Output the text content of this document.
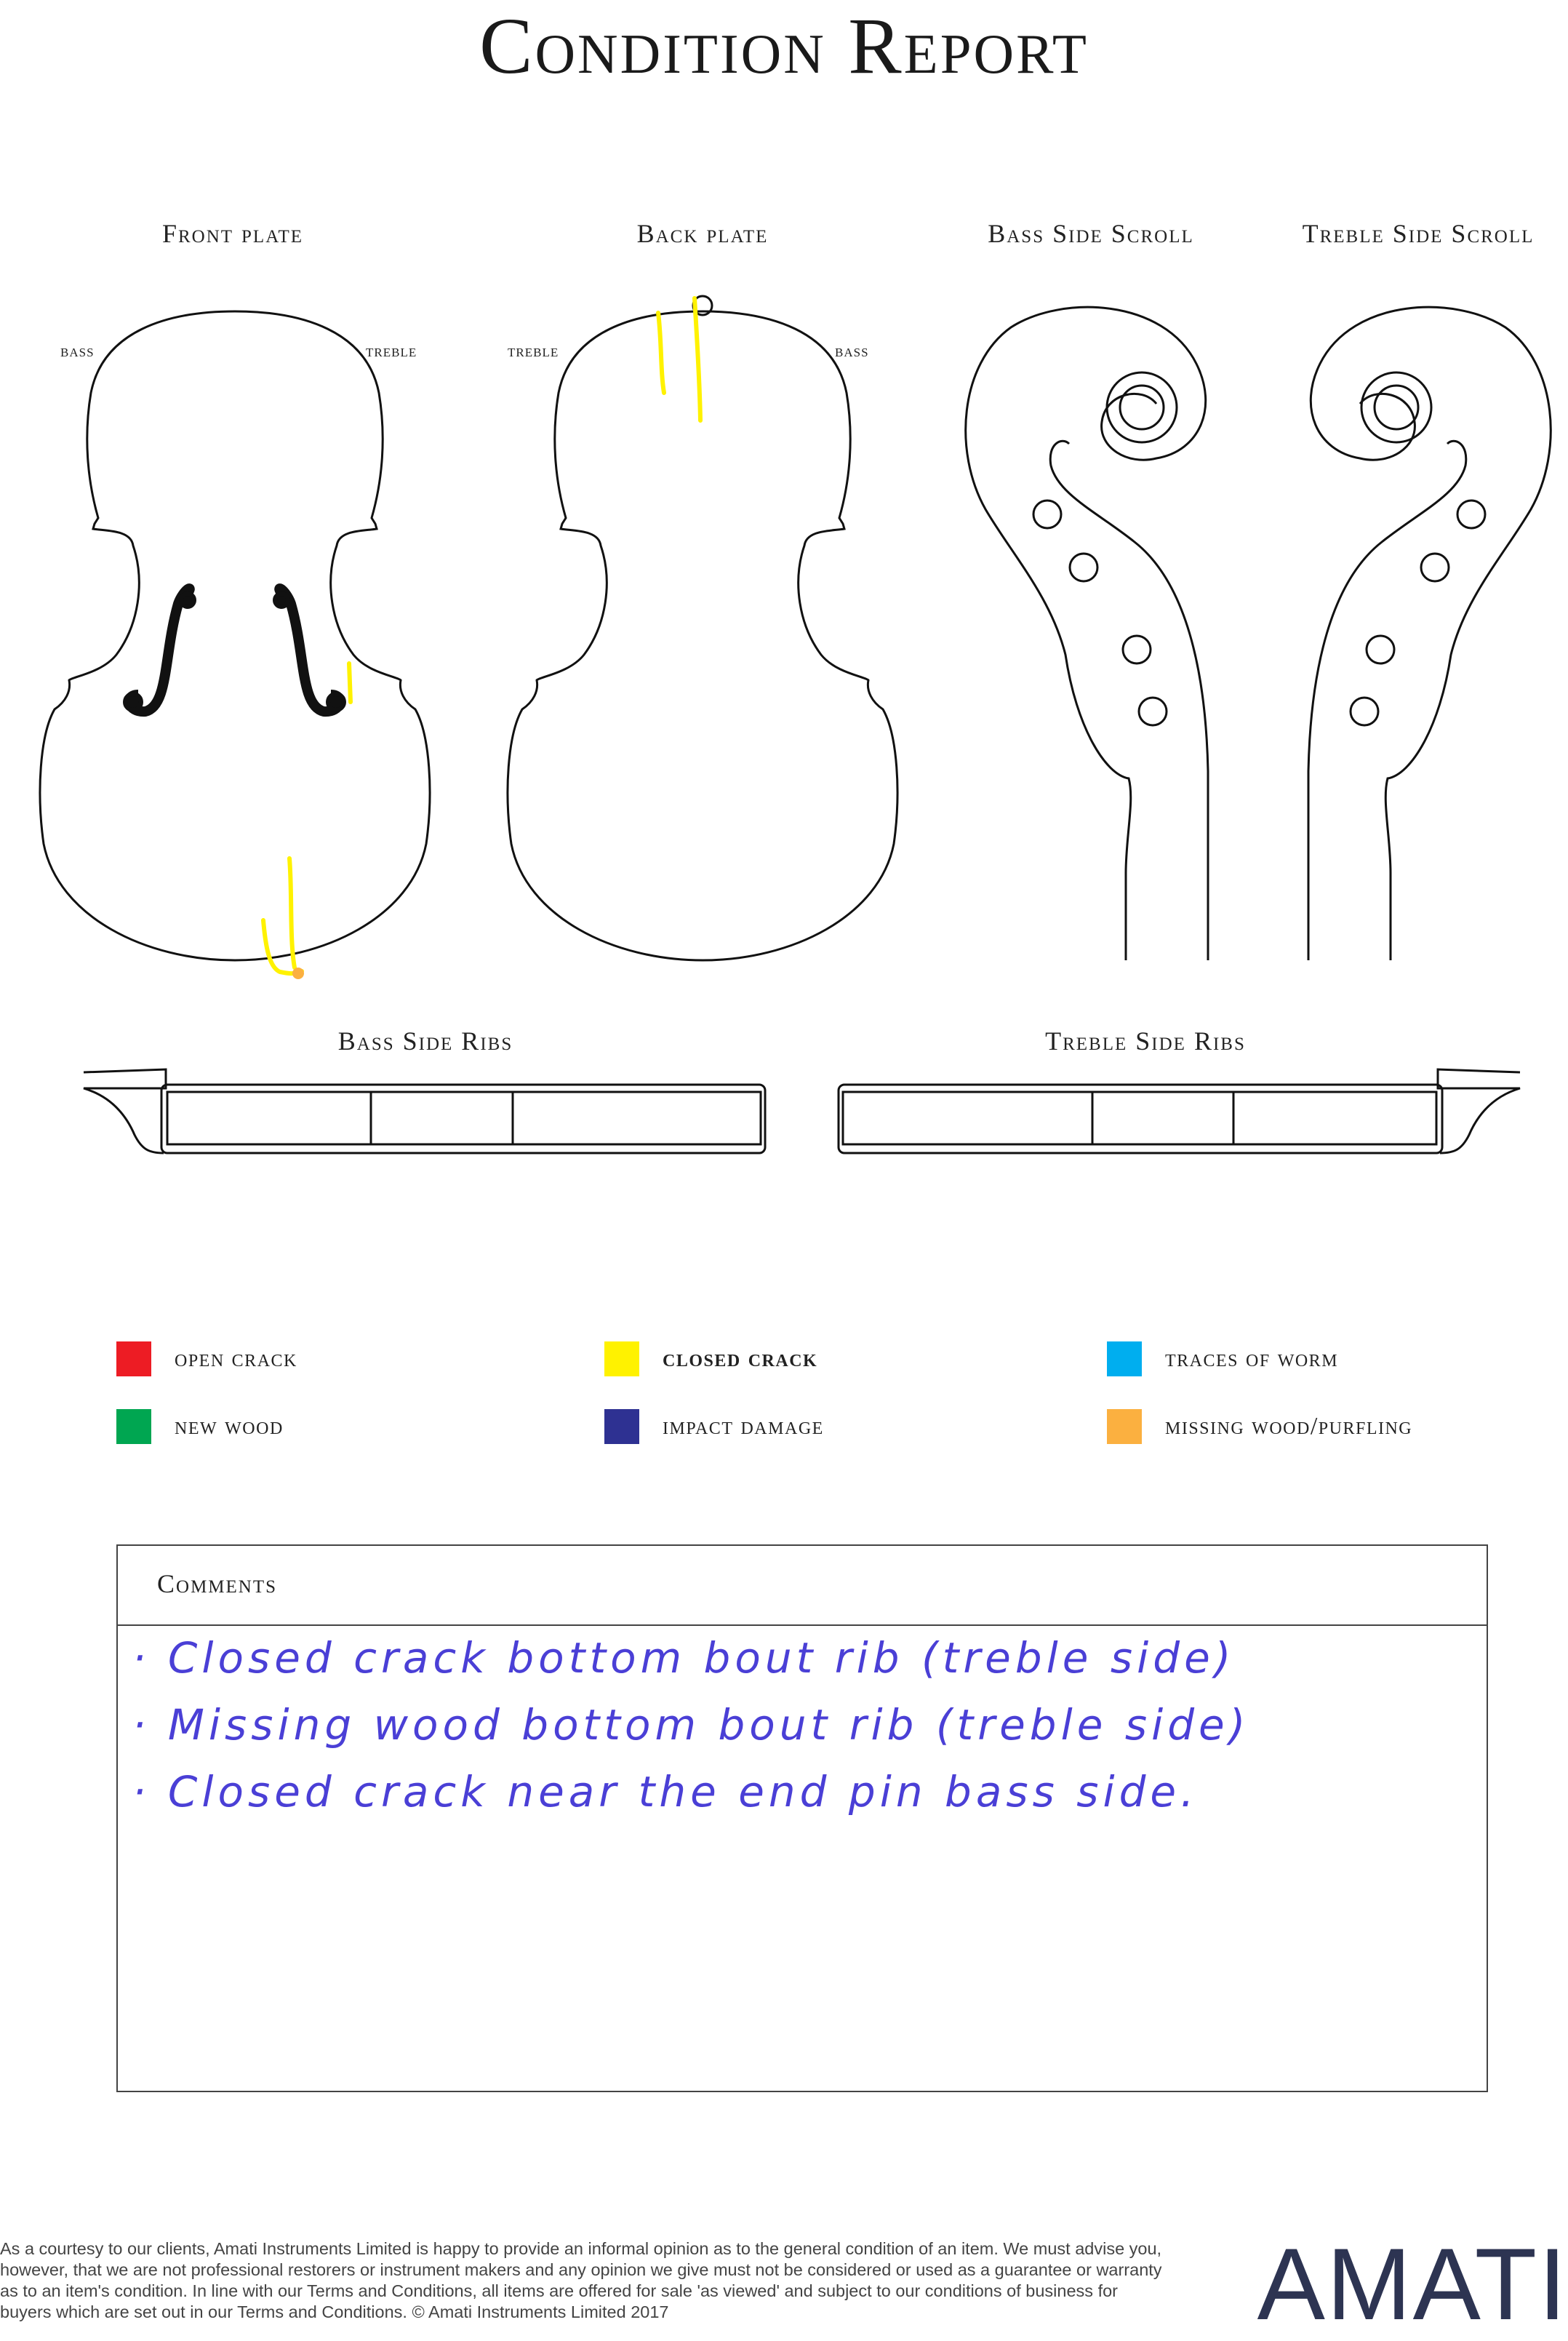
Condition Report
Front plate	Back plate	Bass Side Scroll	Treble Side Scroll
Bass Side Ribs	Treble Side Ribs
bass	treble	treble	bass
open crack	closed crack	traces of worm
new wood	impact damage	missing wood/purfling
Comments
· Closed crack bottom bout rib (treble side)
· Missing wood bottom bout rib (treble side)
· Closed crack near the end pin bass side.
As a courtesy to our clients, Amati Instruments Limited is happy to provide an informal opinion as to the general condition of an item. We must advise you, however, that we are not professional restorers or instrument makers and any opinion we give must not be considered or used as a guarantee or warranty as to an item's condition. In line with our Terms and Conditions, all items are offered for sale 'as viewed' and subject to our conditions of business for buyers which are set out in our Terms and Conditions. © Amati Instruments Limited 2017	AMATI
